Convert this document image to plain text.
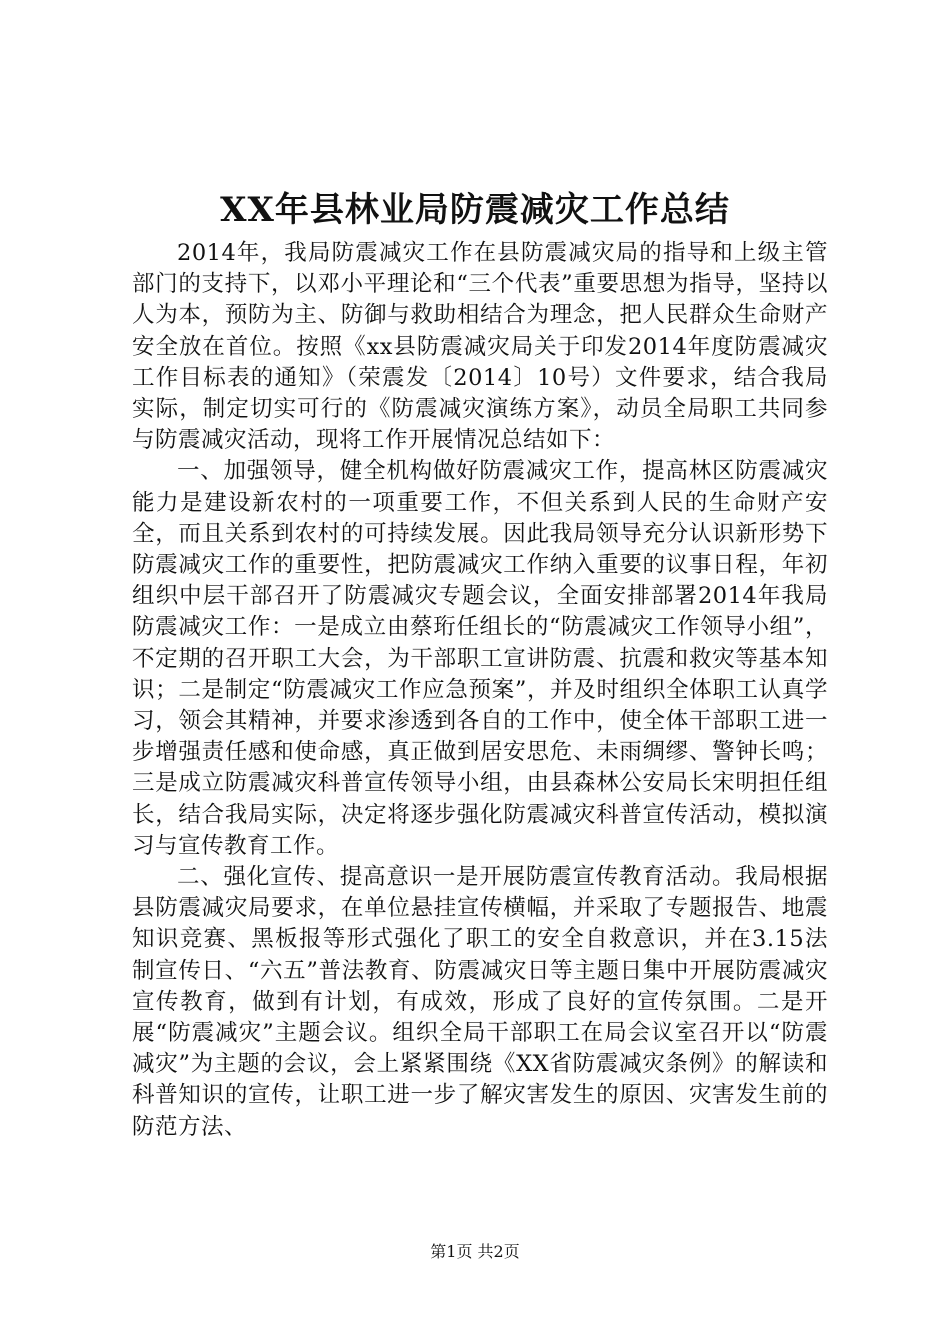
XX年县林业局防震减灾工作总结

2014年，我局防震减灾工作在县防震减灾局的指导和上级主管部门的支持下，以邓小平理论和“三个代表”重要思想为指导，坚持以人为本，预防为主、防御与救助相结合为理念，把人民群众生命财产安全放在首位。按照《xx县防震减灾局关于印发2014年度防震减灾工作目标表的通知》（荣震发〔2014〕10号）文件要求，结合我局实际，制定切实可行的《防震减灾演练方案》，动员全局职工共同参与防震减灾活动，现将工作开展情况总结如下：

一、加强领导，健全机构做好防震减灾工作，提高林区防震减灾能力是建设新农村的一项重要工作，不但关系到人民的生命财产安全，而且关系到农村的可持续发展。因此我局领导充分认识新形势下防震减灾工作的重要性，把防震减灾工作纳入重要的议事日程，年初组织中层干部召开了防震减灾专题会议，全面安排部署2014年我局防震减灾工作：一是成立由蔡珩任组长的“防震减灾工作领导小组”，不定期的召开职工大会，为干部职工宣讲防震、抗震和救灾等基本知识；二是制定“防震减灾工作应急预案”，并及时组织全体职工认真学习，领会其精神，并要求渗透到各自的工作中，使全体干部职工进一步增强责任感和使命感，真正做到居安思危、未雨绸缪、警钟长鸣；三是成立防震减灾科普宣传领导小组，由县森林公安局长宋明担任组长，结合我局实际，决定将逐步强化防震减灾科普宣传活动，模拟演习与宣传教育工作。

二、强化宣传、提高意识一是开展防震宣传教育活动。我局根据县防震减灾局要求，在单位悬挂宣传横幅，并采取了专题报告、地震知识竞赛、黑板报等形式强化了职工的安全自救意识，并在3.15法制宣传日、“六五”普法教育、防震减灾日等主题日集中开展防震减灾宣传教育，做到有计划，有成效，形成了良好的宣传氛围。二是开展“防震减灾”主题会议。组织全局干部职工在局会议室召开以“防震减灾”为主题的会议，会上紧紧围绕《XX省防震减灾条例》的解读和科普知识的宣传，让职工进一步了解灾害发生的原因、灾害发生前的防范方法、

第1页 共2页
